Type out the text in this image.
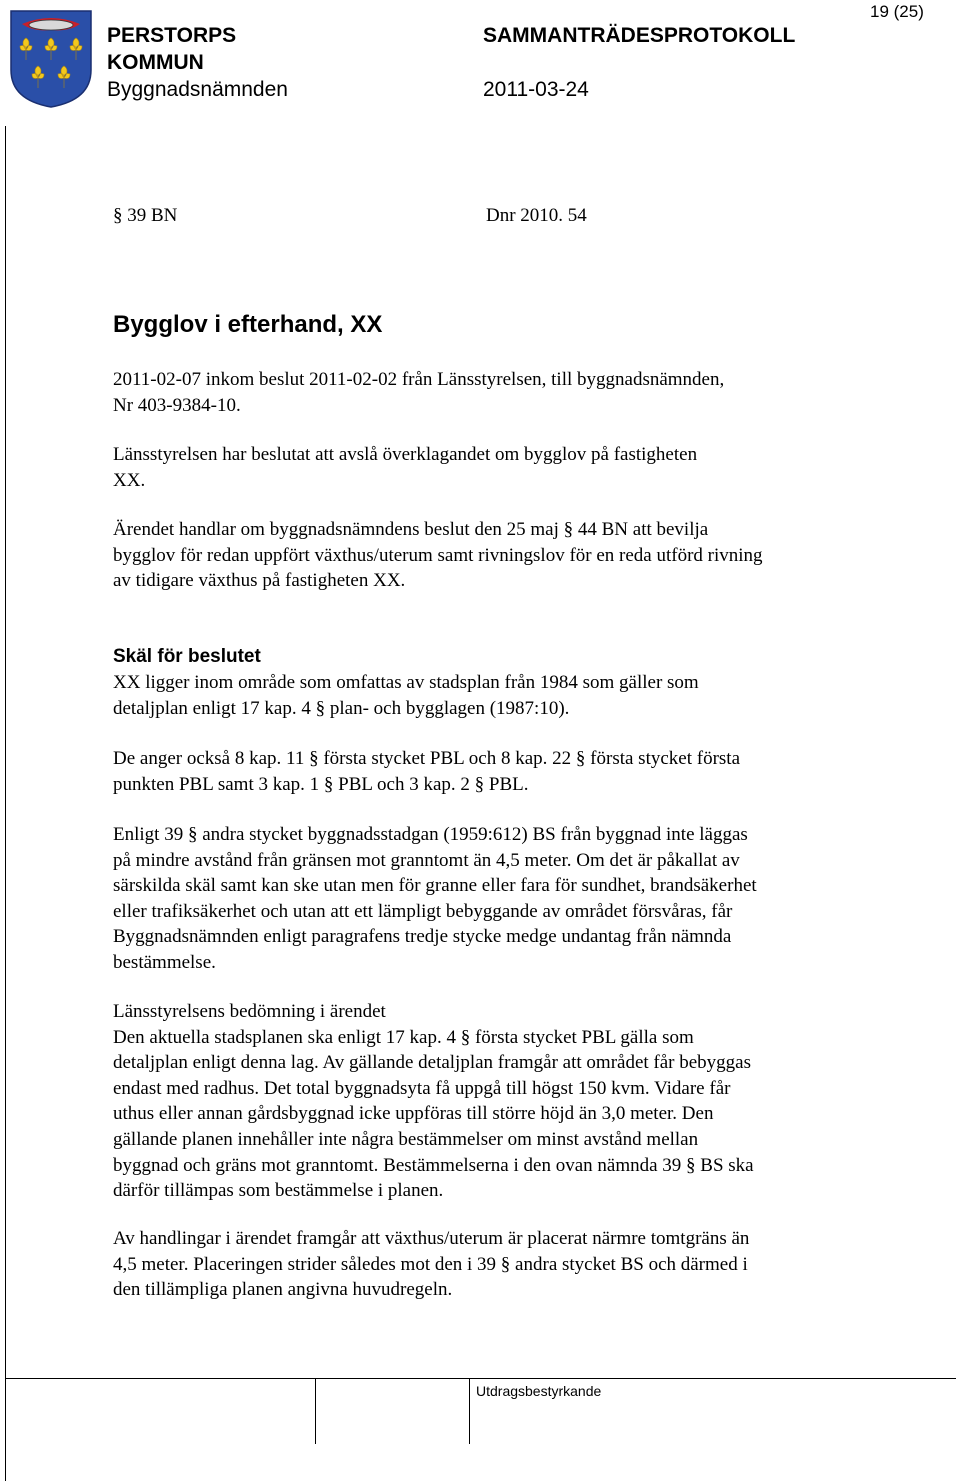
19 (25)
PERSTORPS
KOMMUN
Byggnadsnämnden
SAMMANTRÄDESPROTOKOLL
2011-03-24
§ 39 BN	Dnr 2010. 54
Bygglov i efterhand, XX
2011-02-07 inkom beslut 2011-02-02 från Länsstyrelsen, till byggnadsnämnden,
Nr 403-9384-10.
Länsstyrelsen har beslutat att avslå överklagandet om bygglov på fastigheten
XX.
Ärendet handlar om byggnadsnämndens beslut den 25 maj § 44 BN att bevilja
bygglov för redan uppfört växthus/uterum samt rivningslov för en reda utförd rivning
av tidigare växthus på fastigheten XX.
Skäl för beslutet
XX ligger inom område som omfattas av stadsplan från 1984 som gäller som
detaljplan enligt 17 kap. 4 § plan- och bygglagen (1987:10).
De anger också 8 kap. 11 § första stycket PBL och 8 kap. 22 § första stycket första
punkten PBL samt 3 kap. 1 § PBL och 3 kap. 2 § PBL.
Enligt 39 § andra stycket byggnadsstadgan (1959:612) BS från byggnad inte läggas
på mindre avstånd från gränsen mot granntomt än 4,5 meter. Om det är påkallat av
särskilda skäl samt kan ske utan men för granne eller fara för sundhet, brandsäkerhet
eller trafiksäkerhet och utan att ett lämpligt bebyggande av området försvåras, får
Byggnadsnämnden enligt paragrafens tredje stycke medge undantag från nämnda
bestämmelse.
Länsstyrelsens bedömning i ärendet
Den aktuella stadsplanen ska enligt 17 kap. 4 § första stycket PBL gälla som
detaljplan enligt denna lag. Av gällande detaljplan framgår att området får bebyggas
endast med radhus. Det total byggnadsyta få uppgå till högst 150 kvm. Vidare får
uthus eller annan gårdsbyggnad icke uppföras till större höjd än 3,0 meter. Den
gällande planen innehåller inte några bestämmelser om minst avstånd mellan
byggnad och gräns mot granntomt. Bestämmelserna i den ovan nämnda 39 § BS ska
därför tillämpas som bestämmelse i planen.
Av handlingar i ärendet framgår att växthus/uterum är placerat närmre tomtgräns än
4,5 meter. Placeringen strider således mot den i 39 § andra stycket BS och därmed i
den tillämpliga planen angivna huvudregeln.
Utdragsbestyrkande
